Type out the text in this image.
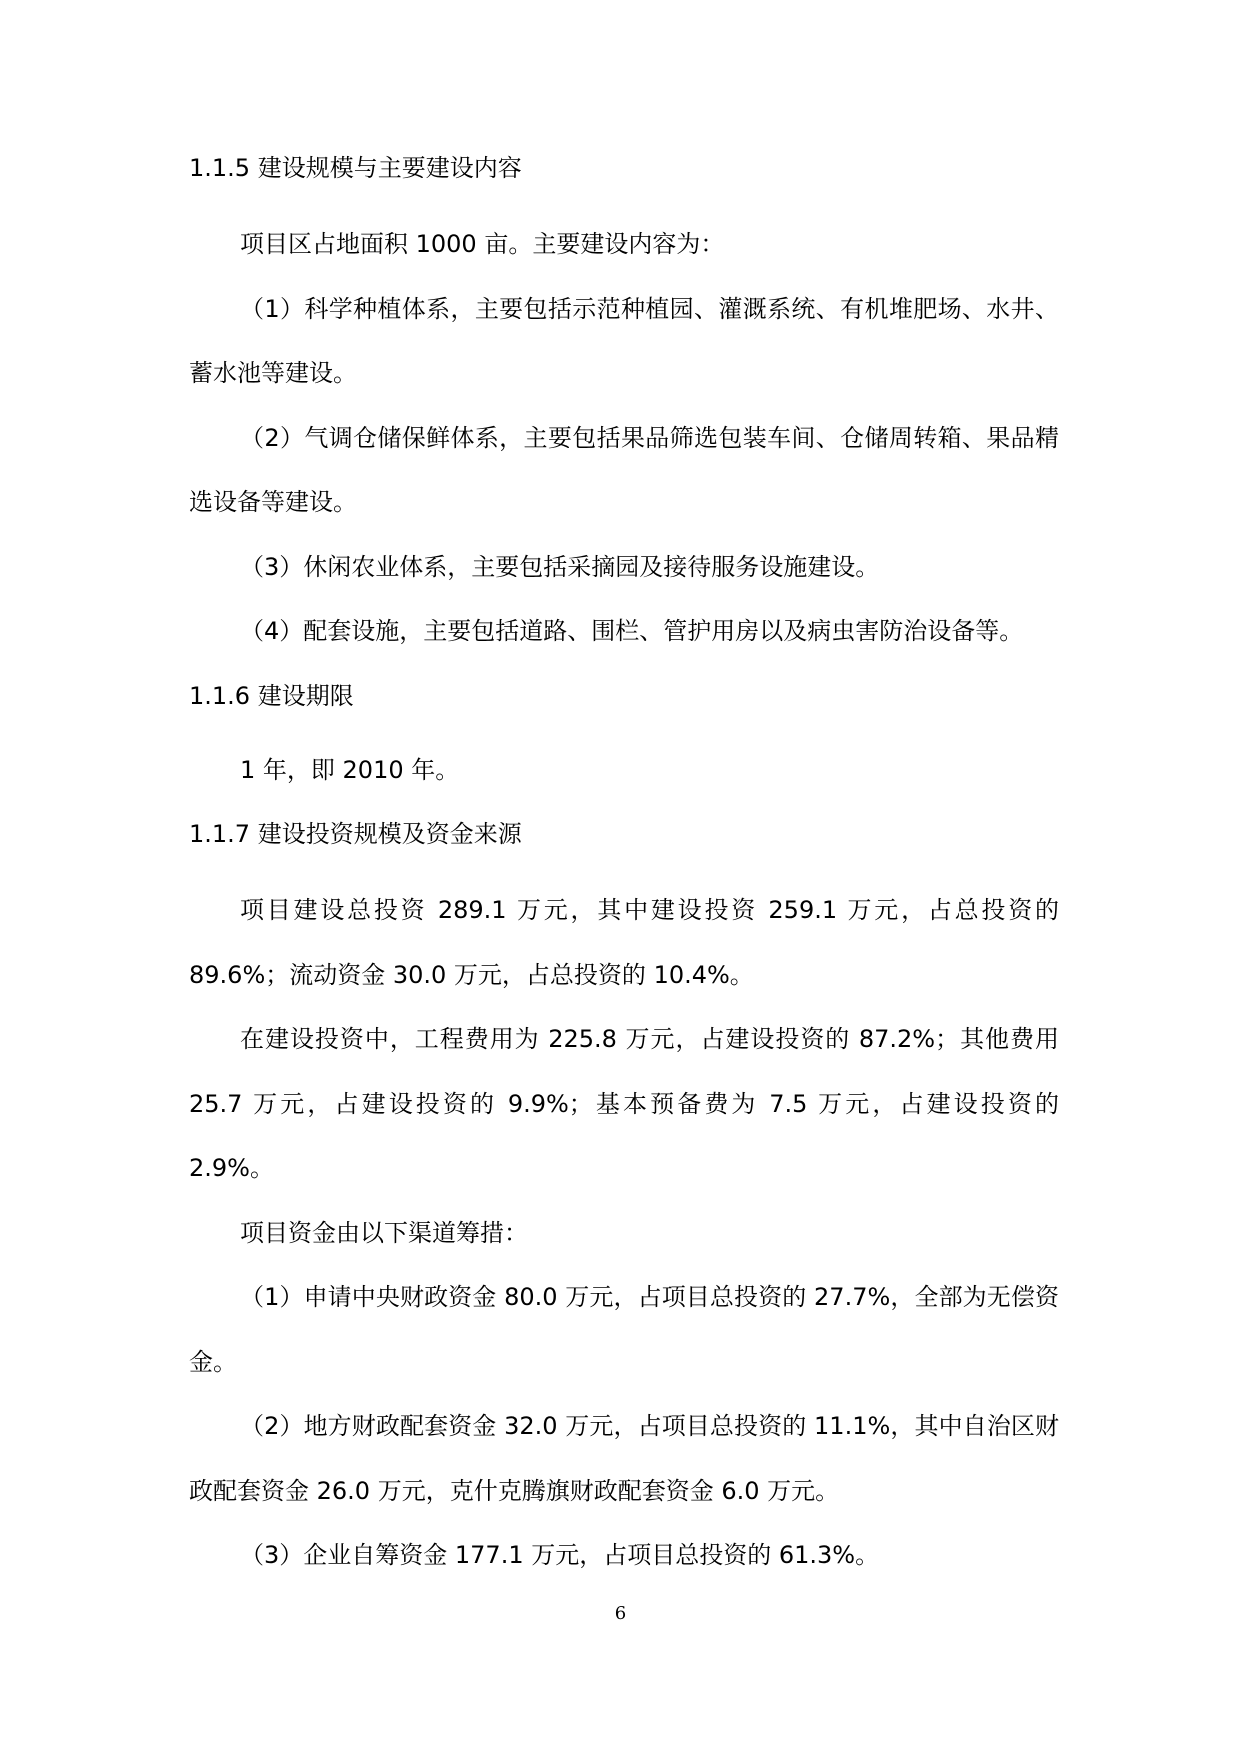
1.1.5 建设规模与主要建设内容

项目区占地面积 1000 亩。主要建设内容为：

（1）科学种植体系，主要包括示范种植园、灌溉系统、有机堆肥场、水井、蓄水池等建设。

（2）气调仓储保鲜体系，主要包括果品筛选包装车间、仓储周转箱、果品精选设备等建设。

（3）休闲农业体系，主要包括采摘园及接待服务设施建设。

（4）配套设施，主要包括道路、围栏、管护用房以及病虫害防治设备等。

1.1.6 建设期限

1 年，即 2010 年。

1.1.7 建设投资规模及资金来源

项目建设总投资 289.1 万元，其中建设投资 259.1 万元，占总投资的 89.6%；流动资金 30.0 万元，占总投资的 10.4%。

在建设投资中，工程费用为 225.8 万元，占建设投资的 87.2%；其他费用 25.7 万元，占建设投资的 9.9%；基本预备费为 7.5 万元，占建设投资的 2.9%。

项目资金由以下渠道筹措：

（1）申请中央财政资金 80.0 万元，占项目总投资的 27.7%，全部为无偿资金。

（2）地方财政配套资金 32.0 万元，占项目总投资的 11.1%，其中自治区财政配套资金 26.0 万元，克什克腾旗财政配套资金 6.0 万元。

（3）企业自筹资金 177.1 万元，占项目总投资的 61.3%。

6
